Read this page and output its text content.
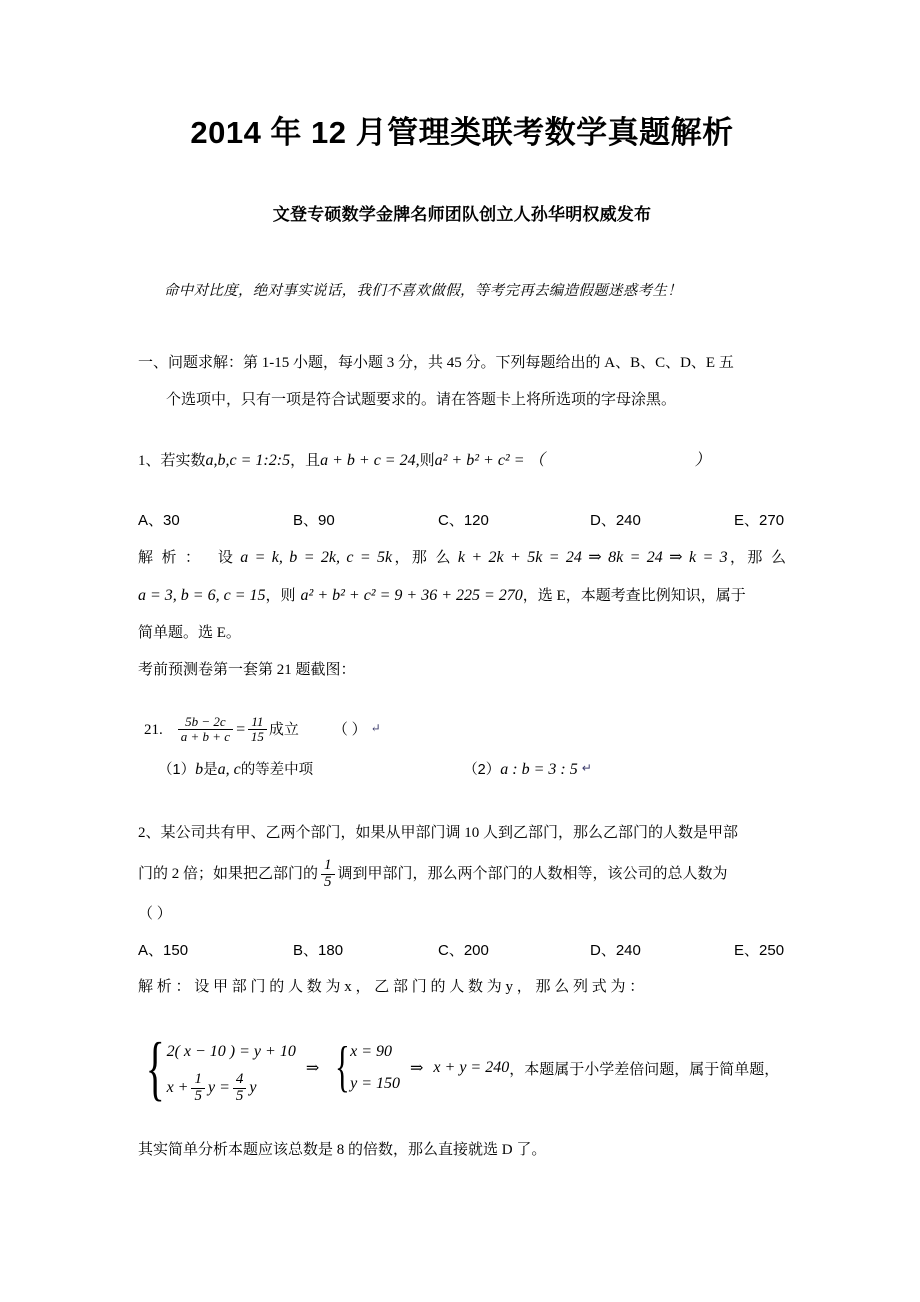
2014 年 12 月管理类联考数学真题解析
文登专硕数学金牌名师团队创立人孙华明权威发布

命中对比度，绝对事实说话，我们不喜欢做假，等考完再去编造假题迷惑考生！

一、问题求解：第 1-15 小题，每小题 3 分，共 45 分。下列每题给出的 A、B、C、D、E 五
个选项中，只有一项是符合试题要求的。请在答题卡上将所选项的字母涂黑。

1、若实数a,b,c = 1:2:5，且a + b + c = 24,则a² + b² + c² = （	）

A、30	B、90	C、120	D、240	E、270

解 析 ： 设 a = k, b = 2k, c = 5k，那 么 k + 2k + 5k = 24 ⇒ 8k = 24 ⇒ k = 3，那 么

a = 3, b = 6, c = 15，则 a² + b² + c² = 9 + 36 + 225 = 270，选 E，本题考查比例知识，属于

简单题。选 E。

考前预测卷第一套第 21 题截图：

21. $\frac{5b - 2c}{a + b + c} = \frac{11}{15}$ 成立 （ ） ↵
（1）b是a, c的等差中项	（2）a : b = 3 : 5 ↵

2、某公司共有甲、乙两个部门，如果从甲部门调 10 人到乙部门，那么乙部门的人数是甲部

门的 2 倍；如果把乙部门的 $\frac{1}{5}$ 调到甲部门，那么两个部门的人数相等，该公司的总人数为

（ ）

A、150	B、180	C、200	D、240	E、250

解 析 ： 设 甲 部 门 的 人 数 为 x ， 乙 部 门 的 人 数 为 y ， 那 么 列 式 为 ：

{ 2( x − 10 ) = y + 10
$x + \frac{1}{5}$ $y = \frac{4}{5}$ y
⇒ { x = 90
y = 150
⇒ x + y = 240 ，本题属于小学差倍问题，属于简单题，

其实简单分析本题应该总数是 8 的倍数，那么直接就选 D 了。
